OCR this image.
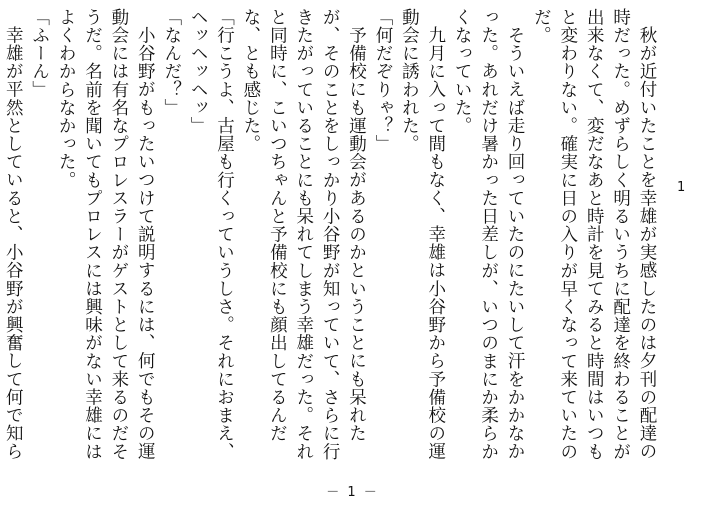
1

秋が近付いたことを幸雄が実感したのは夕刊の配達の時だった。めずらしく明るいうちに配達を終わることが出来なくて、変だなあと時計を見てみると時間はいつもと変わりない。確実に日の入りが早くなって来ていたのだ。

そういえば走り回っていたのにたいして汗をかかなかった。あれだけ暑かった日差しが、いつのまにか柔らかくなっていた。

九月に入って間もなく、幸雄は小谷野から予備校の運動会に誘われた。

「何だぞりゃ？」

予備校にも運動会があるのかということにも呆れたが、そのことをしっかり小谷野が知っていて、さらに行きたがっていることにも呆れてしまう幸雄だった。それと同時に、こいつちゃんと予備校にも顔出してるんだな、とも感じた。

「行こうよ、古屋も行くっていうしさ。それにおまえ、ヘッヘッヘッ」

「なんだ？」

小谷野がもったいつけて説明するには、何でもその運動会には有名なプロレスラーがゲストとして来るのだそうだ。名前を聞いてもプロレスには興味がない幸雄にはよくわからなかった。

「ふーん」

幸雄が平然としていると、小谷野が興奮して何で知ら

－ 1 －
